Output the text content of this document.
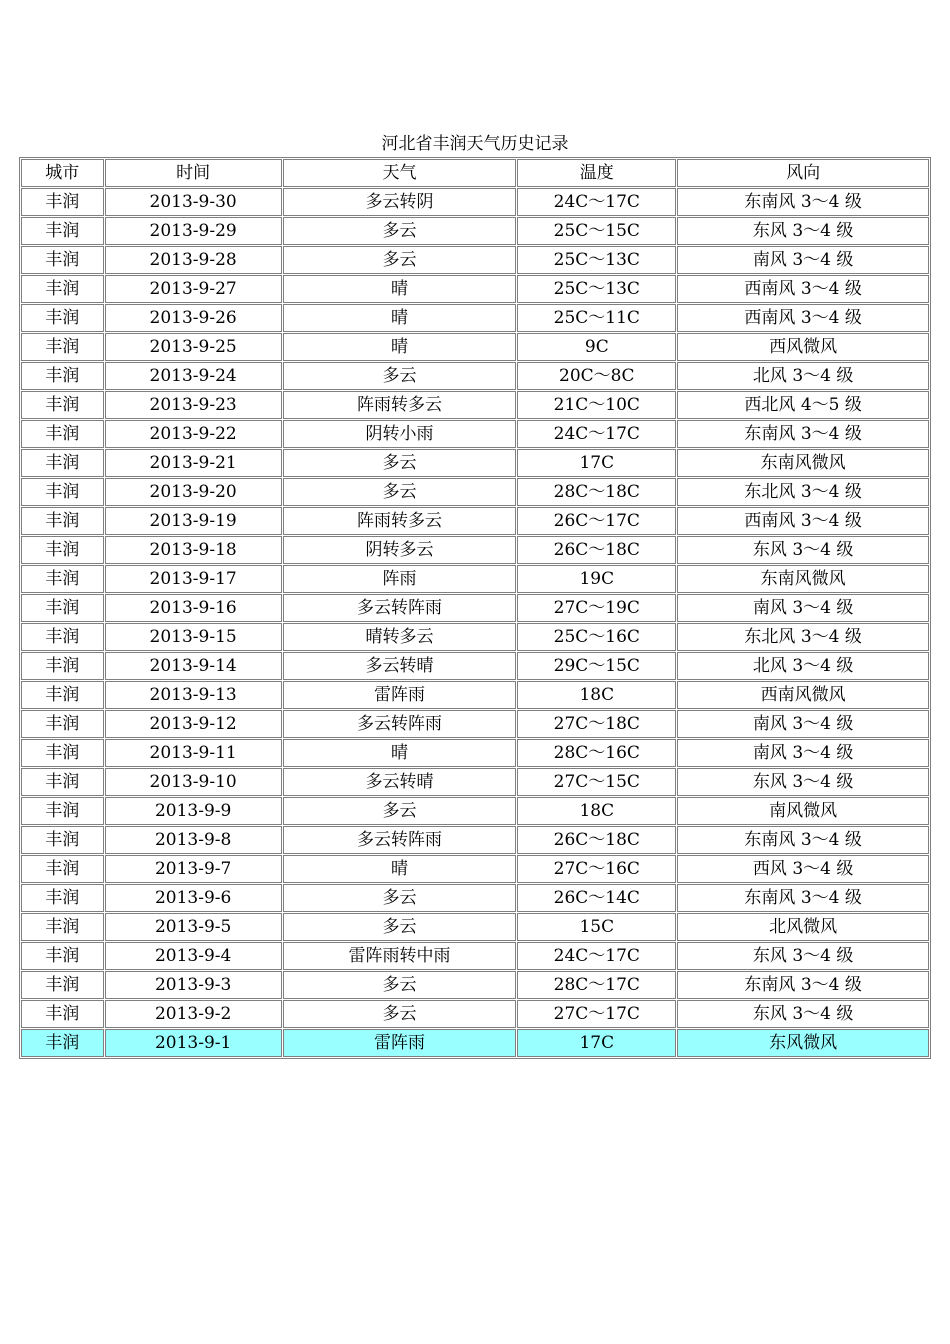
河北省丰润天气历史记录
城市	时间	天气	温度	风向
丰润	2013-9-30	多云转阴	24C～17C	东南风 3～4 级
丰润	2013-9-29	多云	25C～15C	东风 3～4 级
丰润	2013-9-28	多云	25C～13C	南风 3～4 级
丰润	2013-9-27	晴	25C～13C	西南风 3～4 级
丰润	2013-9-26	晴	25C～11C	西南风 3～4 级
丰润	2013-9-25	晴	9C	西风微风
丰润	2013-9-24	多云	20C～8C	北风 3～4 级
丰润	2013-9-23	阵雨转多云	21C～10C	西北风 4～5 级
丰润	2013-9-22	阴转小雨	24C～17C	东南风 3～4 级
丰润	2013-9-21	多云	17C	东南风微风
丰润	2013-9-20	多云	28C～18C	东北风 3～4 级
丰润	2013-9-19	阵雨转多云	26C～17C	西南风 3～4 级
丰润	2013-9-18	阴转多云	26C～18C	东风 3～4 级
丰润	2013-9-17	阵雨	19C	东南风微风
丰润	2013-9-16	多云转阵雨	27C～19C	南风 3～4 级
丰润	2013-9-15	晴转多云	25C～16C	东北风 3～4 级
丰润	2013-9-14	多云转晴	29C～15C	北风 3～4 级
丰润	2013-9-13	雷阵雨	18C	西南风微风
丰润	2013-9-12	多云转阵雨	27C～18C	南风 3～4 级
丰润	2013-9-11	晴	28C～16C	南风 3～4 级
丰润	2013-9-10	多云转晴	27C～15C	东风 3～4 级
丰润	2013-9-9	多云	18C	南风微风
丰润	2013-9-8	多云转阵雨	26C～18C	东南风 3～4 级
丰润	2013-9-7	晴	27C～16C	西风 3～4 级
丰润	2013-9-6	多云	26C～14C	东南风 3～4 级
丰润	2013-9-5	多云	15C	北风微风
丰润	2013-9-4	雷阵雨转中雨	24C～17C	东风 3～4 级
丰润	2013-9-3	多云	28C～17C	东南风 3～4 级
丰润	2013-9-2	多云	27C～17C	东风 3～4 级
丰润	2013-9-1	雷阵雨	17C	东风微风
